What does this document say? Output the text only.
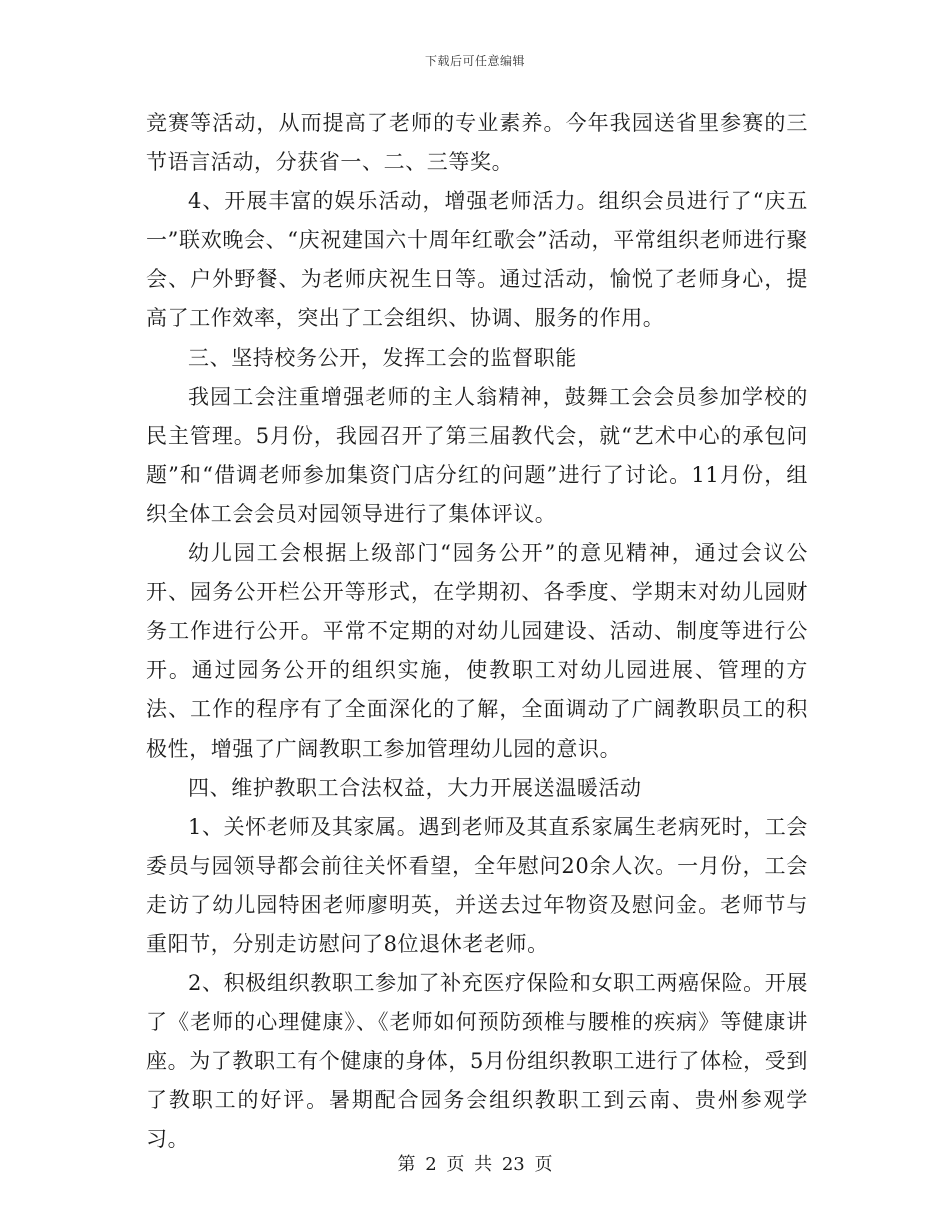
下载后可任意编辑

竞赛等活动，从而提高了老师的专业素养。今年我园送省里参赛的三节语言活动，分获省一、二、三等奖。

4、开展丰富的娱乐活动，增强老师活力。组织会员进行了“庆五一”联欢晚会、“庆祝建国六十周年红歌会”活动，平常组织老师进行聚会、户外野餐、为老师庆祝生日等。通过活动，愉悦了老师身心，提高了工作效率，突出了工会组织、协调、服务的作用。

三、坚持校务公开，发挥工会的监督职能

我园工会注重增强老师的主人翁精神，鼓舞工会会员参加学校的民主管理。5月份，我园召开了第三届教代会，就“艺术中心的承包问题”和“借调老师参加集资门店分红的问题”进行了讨论。11月份，组织全体工会会员对园领导进行了集体评议。

幼儿园工会根据上级部门“园务公开”的意见精神，通过会议公开、园务公开栏公开等形式，在学期初、各季度、学期末对幼儿园财务工作进行公开。平常不定期的对幼儿园建设、活动、制度等进行公开。通过园务公开的组织实施，使教职工对幼儿园进展、管理的方法、工作的程序有了全面深化的了解，全面调动了广阔教职员工的积极性，增强了广阔教职工参加管理幼儿园的意识。

四、维护教职工合法权益，大力开展送温暖活动

1、关怀老师及其家属。遇到老师及其直系家属生老病死时，工会委员与园领导都会前往关怀看望，全年慰问20余人次。一月份，工会走访了幼儿园特困老师廖明英，并送去过年物资及慰问金。老师节与重阳节，分别走访慰问了8位退休老老师。

2、积极组织教职工参加了补充医疗保险和女职工两癌保险。开展了《老师的心理健康》、《老师如何预防颈椎与腰椎的疾病》等健康讲座。为了教职工有个健康的身体，5月份组织教职工进行了体检，受到了教职工的好评。暑期配合园务会组织教职工到云南、贵州参观学习。

第 2 页 共 23 页
